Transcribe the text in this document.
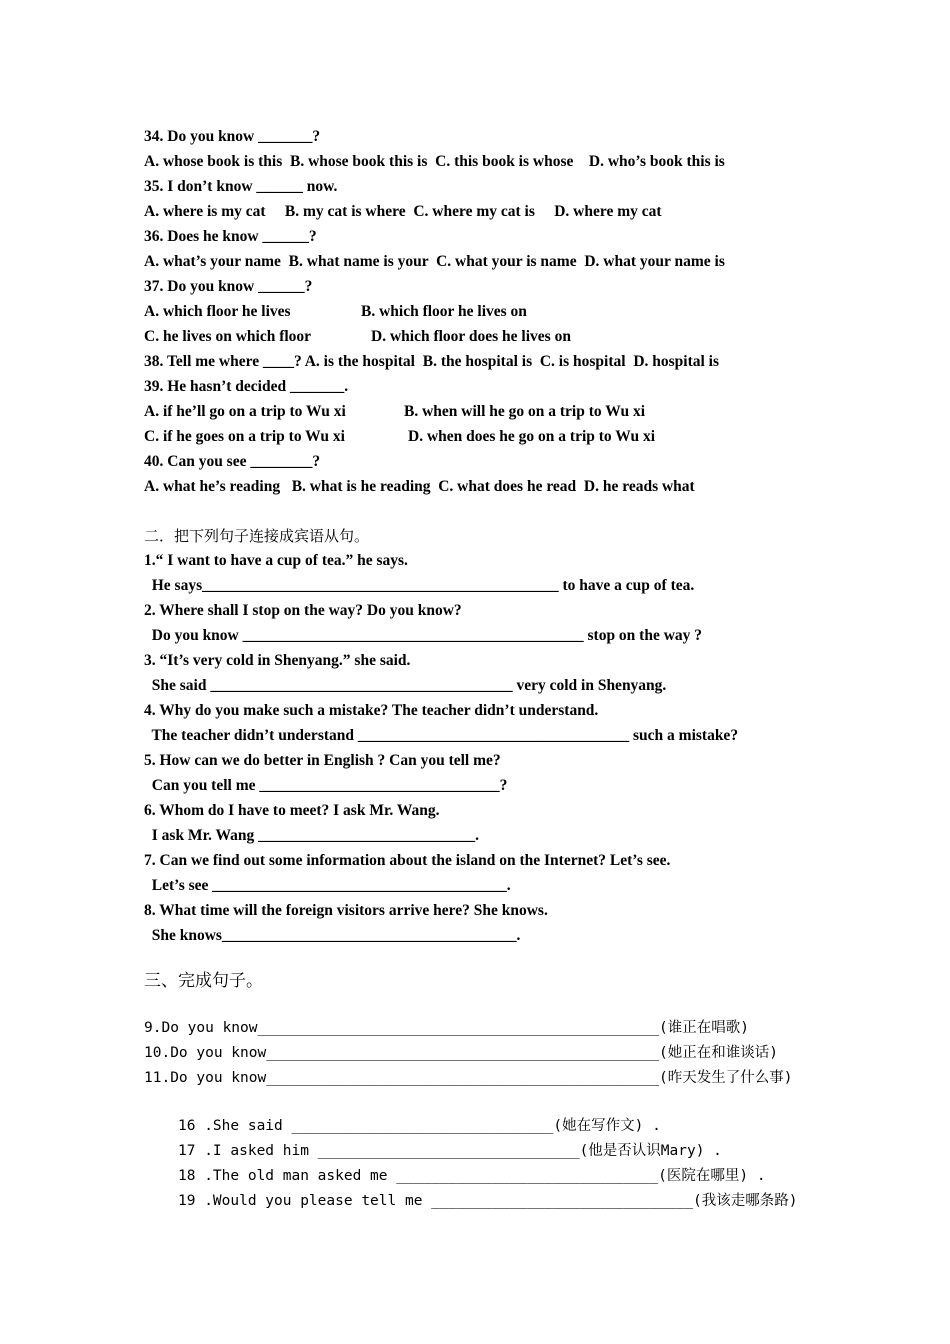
34. Do you know _______?
A. whose book is this  B. whose book this is  C. this book is whose    D. who’s book this is
35. I don’t know ______ now.
A. where is my cat     B. my cat is where  C. where my cat is     D. where my cat
36. Does he know ______?
A. what’s your name  B. what name is your  C. what your is name  D. what your name is
37. Do you know ______?
A. which floor he lives	B. which floor he lives on
C. he lives on which floor	D. which floor does he lives on
38. Tell me where ____? A. is the hospital  B. the hospital is  C. is hospital  D. hospital is
39. He hasn’t decided _______.
A. if he’ll go on a trip to Wu xi	B. when will he go on a trip to Wu xi
C. if he goes on a trip to Wu xi	D. when does he go on a trip to Wu xi
40. Can you see ________?
A. what he’s reading   B. what is he reading  C. what does he read  D. he reads what
二．把下列句子连接成宾语从句。
1.“ I want to have a cup of tea.” he says.
He says______________________________________________ to have a cup of tea.
2. Where shall I stop on the way? Do you know?
Do you know ____________________________________________ stop on the way ?
3. “It’s very cold in Shenyang.” she said.
She said _______________________________________ very cold in Shenyang.
4. Why do you make such a mistake? The teacher didn’t understand.
The teacher didn’t understand ___________________________________ such a mistake?
5. How can we do better in English ? Can you tell me?
Can you tell me _______________________________?
6. Whom do I have to meet? I ask Mr. Wang.
I ask Mr. Wang ____________________________.
7. Can we find out some information about the island on the Internet? Let’s see.
Let’s see ______________________________________.
8. What time will the foreign visitors arrive here? She knows.
She knows______________________________________.
三、完成句子。
9.Do you know______________________________________________(谁正在唱歌)
10.Do you know_____________________________________________(她正在和谁谈话)
11.Do you know_____________________________________________(昨天发生了什么事)
16 .She said ______________________________(她在写作文) .
17 .I asked him ______________________________(他是否认识Mary) .
18 .The old man asked me ______________________________(医院在哪里) .
19 .Would you please tell me ______________________________(我该走哪条路)
